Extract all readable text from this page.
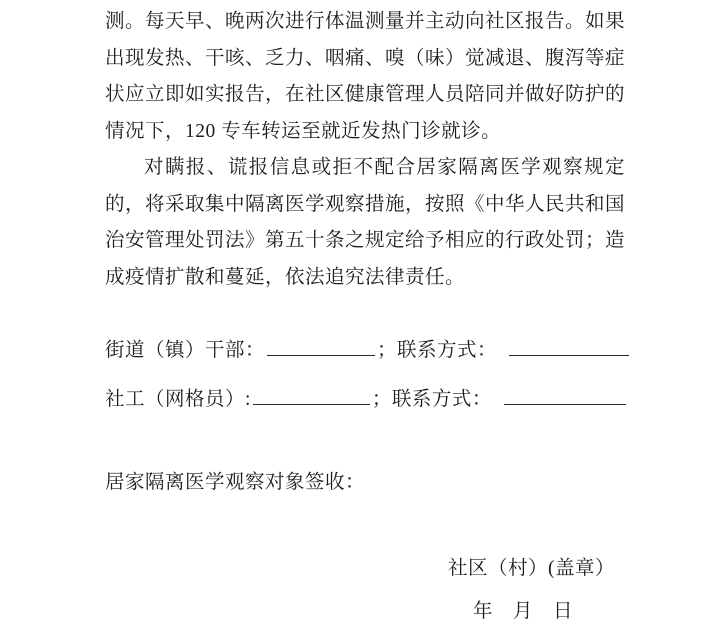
测。每天早、晚两次进行体温测量并主动向社区报告。如果出现发热、干咳、乏力、咽痛、嗅（味）觉减退、腹泻等症状应立即如实报告，在社区健康管理人员陪同并做好防护的情况下，120 专车转运至就近发热门诊就诊。

对瞒报、谎报信息或拒不配合居家隔离医学观察规定的，将采取集中隔离医学观察措施，按照《中华人民共和国治安管理处罚法》第五十条之规定给予相应的行政处罚；造成疫情扩散和蔓延，依法追究法律责任。

街道（镇）干部：	；联系方式：
社工（网格员）:	；联系方式：
居家隔离医学观察对象签收：
社区（村）(盖章）
年　月　日
